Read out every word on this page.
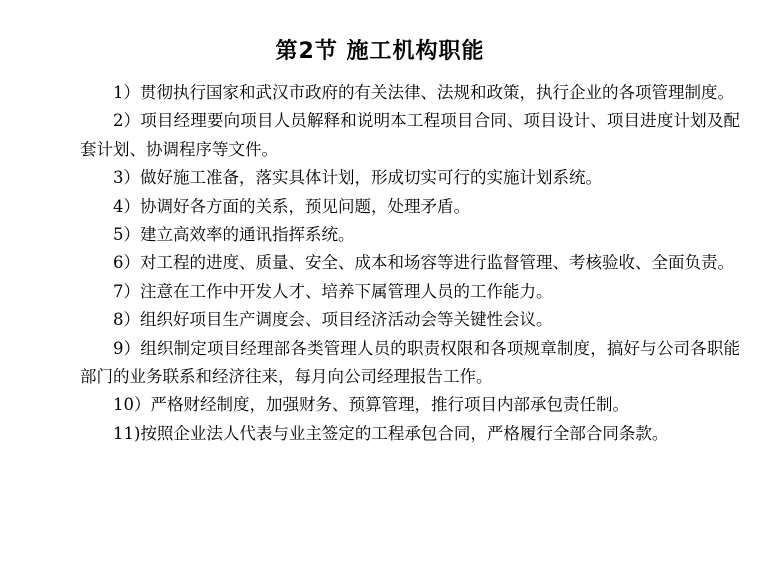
第2节 施工机构职能

1）贯彻执行国家和武汉市政府的有关法律、法规和政策，执行企业的各项管理制度。

2）项目经理要向项目人员解释和说明本工程项目合同、项目设计、项目进度计划及配套计划、协调程序等文件。

3）做好施工准备，落实具体计划，形成切实可行的实施计划系统。

4）协调好各方面的关系，预见问题，处理矛盾。

5）建立高效率的通讯指挥系统。

6）对工程的进度、质量、安全、成本和场容等进行监督管理、考核验收、全面负责。

7）注意在工作中开发人才、培养下属管理人员的工作能力。

8）组织好项目生产调度会、项目经济活动会等关键性会议。

9）组织制定项目经理部各类管理人员的职责权限和各项规章制度，搞好与公司各职能部门的业务联系和经济往来，每月向公司经理报告工作。

10）严格财经制度，加强财务、预算管理，推行项目内部承包责任制。

11)按照企业法人代表与业主签定的工程承包合同，严格履行全部合同条款。
